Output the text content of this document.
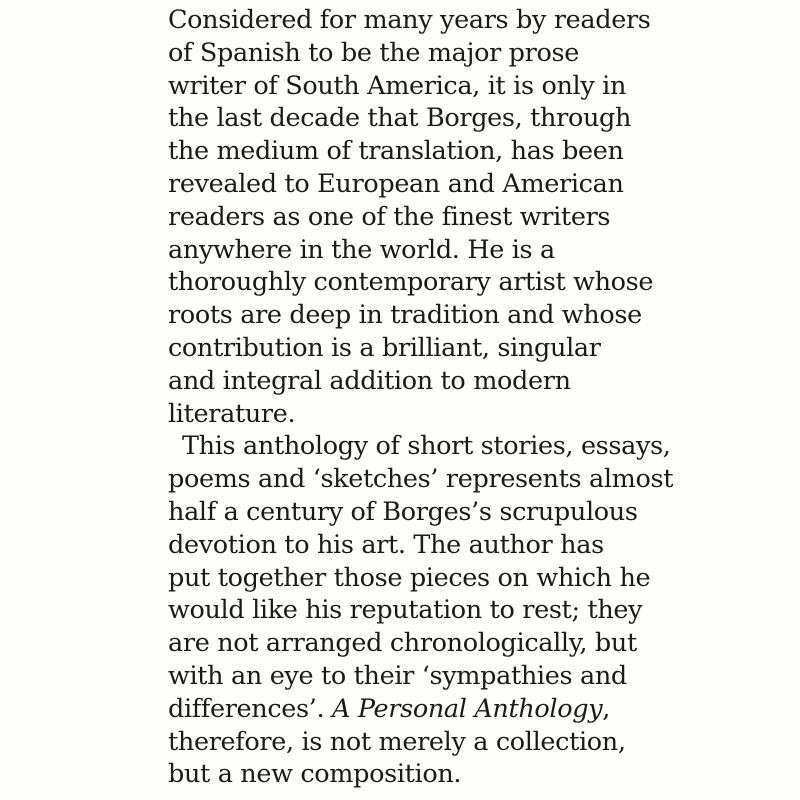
Considered for many years by readers
of Spanish to be the major prose
writer of South America, it is only in
the last decade that Borges, through
the medium of translation, has been
revealed to European and American
readers as one of the finest writers
anywhere in the world. He is a
thoroughly contemporary artist whose
roots are deep in tradition and whose
contribution is a brilliant, singular
and integral addition to modern
literature.
This anthology of short stories, essays,
poems and ‘sketches’ represents almost
half a century of Borges’s scrupulous
devotion to his art. The author has
put together those pieces on which he
would like his reputation to rest; they
are not arranged chronologically, but
with an eye to their ‘sympathies and
differences’. A Personal Anthology,
therefore, is not merely a collection,
but a new composition.
